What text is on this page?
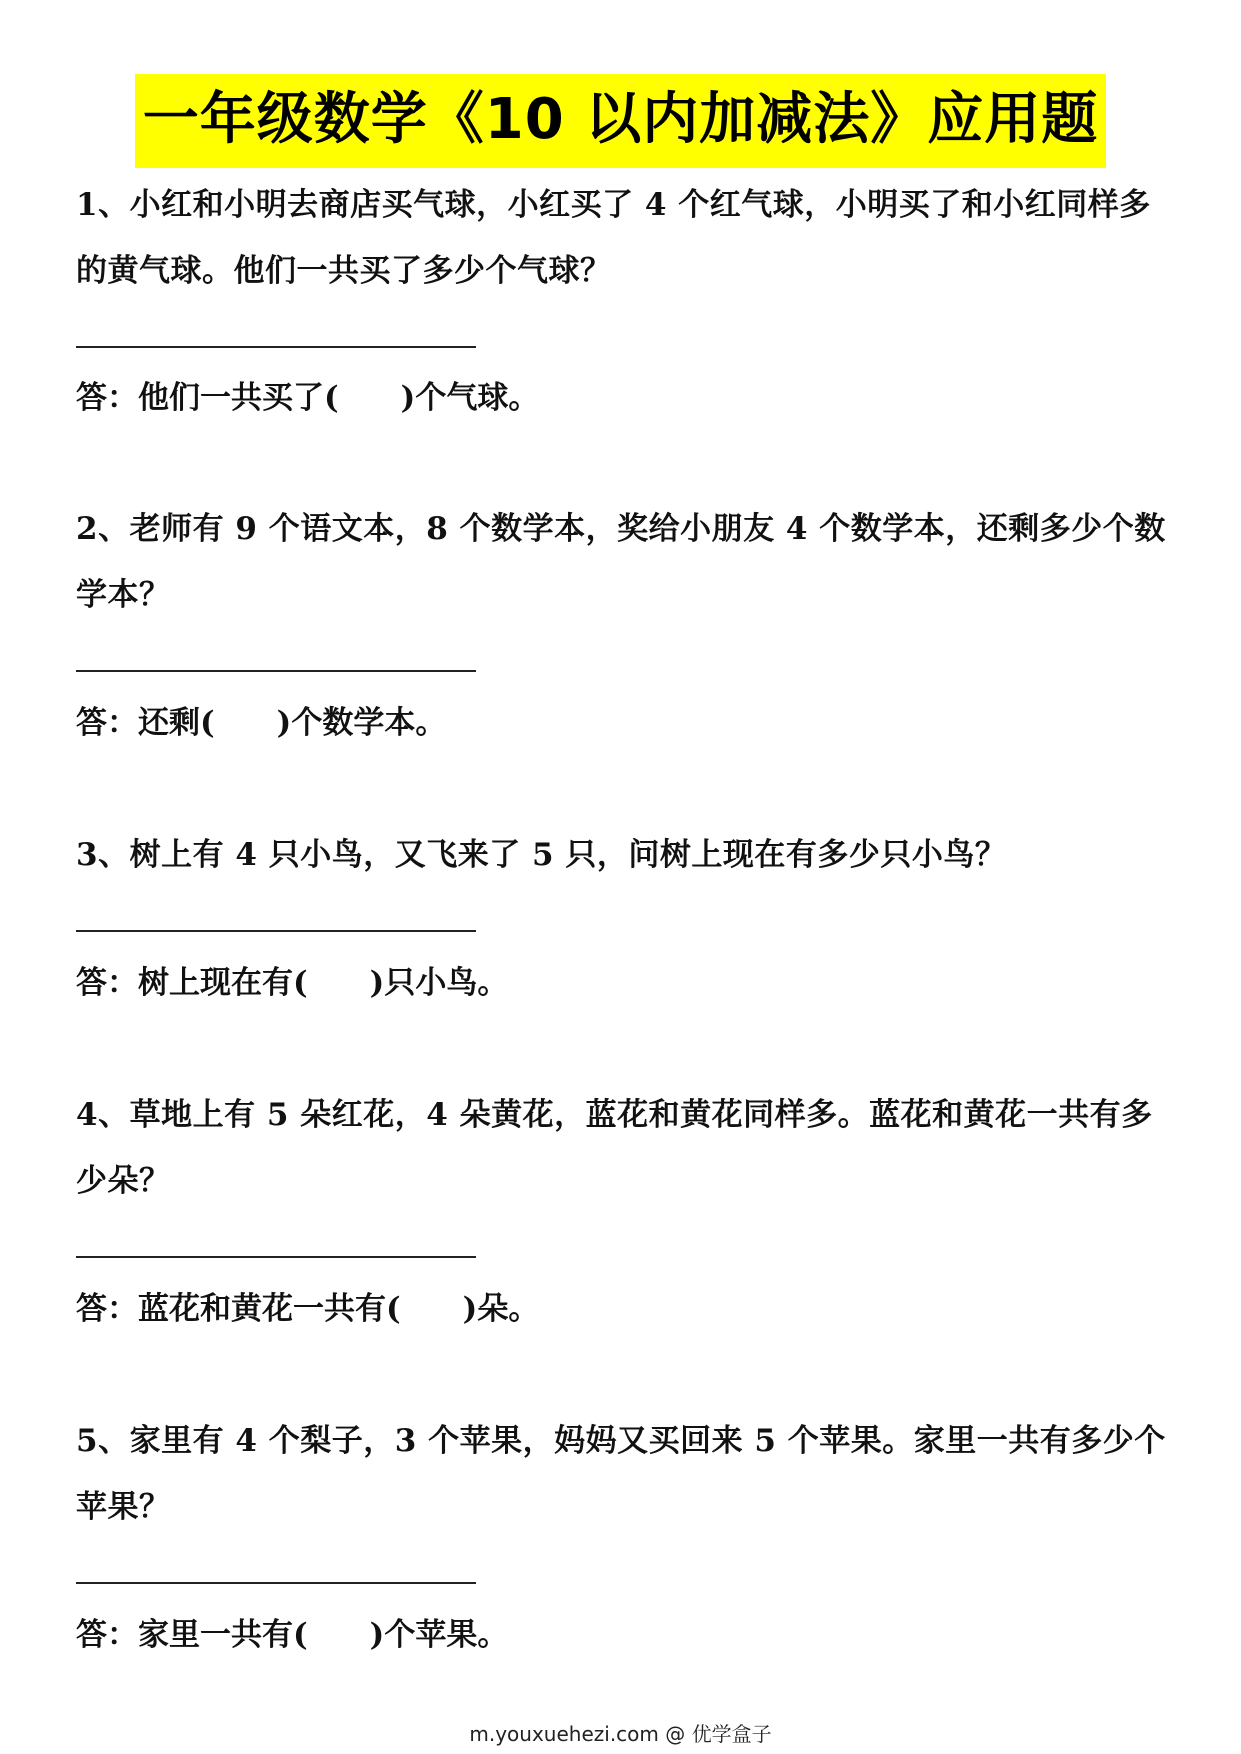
一年级数学《10 以内加减法》应用题
1、小红和小明去商店买气球，小红买了 4 个红气球，小明买了和小红同样多的黄气球。他们一共买了多少个气球？
答：他们一共买了(　　)个气球。
2、老师有 9 个语文本，8 个数学本，奖给小朋友 4 个数学本，还剩多少个数学本？
答：还剩(　　)个数学本。
3、树上有 4 只小鸟，又飞来了 5 只，问树上现在有多少只小鸟？
答：树上现在有(　　)只小鸟。
4、草地上有 5 朵红花，4 朵黄花，蓝花和黄花同样多。蓝花和黄花一共有多少朵？
答：蓝花和黄花一共有(　　)朵。
5、家里有 4 个梨子，3 个苹果，妈妈又买回来 5 个苹果。家里一共有多少个苹果？
答：家里一共有(　　)个苹果。
m.youxuehezi.com @ 优学盒子
